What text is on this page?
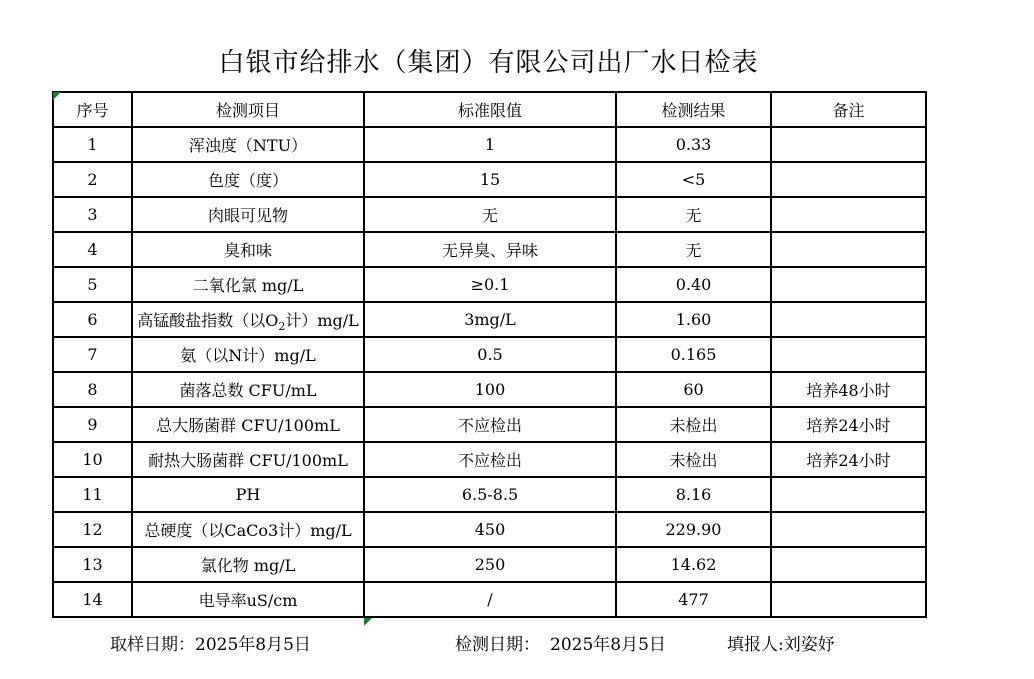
白银市给排水（集团）有限公司出厂水日检表
序号	检测项目	标准限值	检测结果	备注
1	浑浊度（NTU）	1	0.33	
2	色度（度）	15	<5	
3	肉眼可见物	无	无	
4	臭和味	无异臭、异味	无	
5	二氧化氯 mg/L	≥0.1	0.40	
6	高锰酸盐指数（以$O_2$计）mg/L	3mg/L	1.60	
7	氨（以N计）mg/L	0.5	0.165	
8	菌落总数 CFU/mL	100	60	培养48小时
9	总大肠菌群 CFU/100mL	不应检出	未检出	培养24小时
10	耐热大肠菌群 CFU/100mL	不应检出	未检出	培养24小时
11	PH	6.5-8.5	8.16	
12	总硬度（以CaCo3计）mg/L	450	229.90	
13	氯化物 mg/L	250	14.62	
14	电导率uS/cm	/	477	
取样日期：2025年8月5日	检测日期： 2025年8月5日	填报人:刘姿妤
